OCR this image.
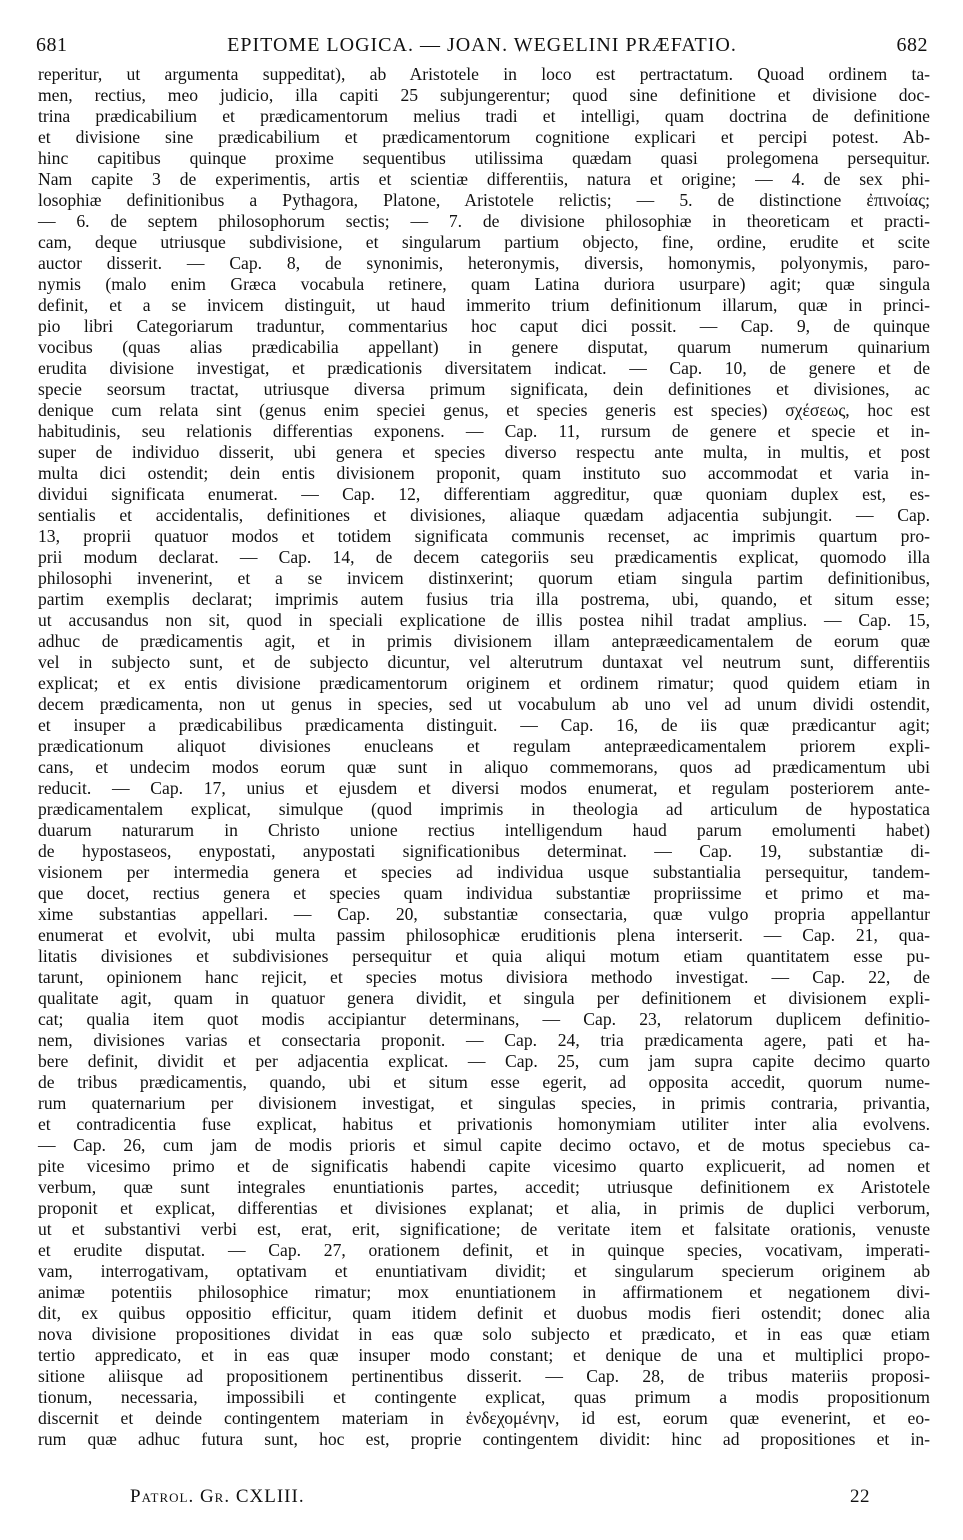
681	EPITOME LOGICA. — JOAN. WEGELINI PRÆFATIO.	682
reperitur, ut argumenta suppeditat), ab Aristotele in loco est pertractatum. Quoad ordinem ta-
men, rectius, meo judicio, illa capiti 25 subjungerentur; quod sine definitione et divisione doc-
trina prædicabilium et prædicamentorum melius tradi et intelligi, quam doctrina de definitione
et divisione sine prædicabilium et prædicamentorum cognitione explicari et percipi potest. Ab-
hinc capitibus quinque proxime sequentibus utilissima quædam quasi prolegomena persequitur.
Nam capite 3 de experimentis, artis et scientiæ differentiis, natura et origine; — 4. de sex phi-
losophiæ definitionibus a Pythagora, Platone, Aristotele relictis; — 5. de distinctione ἐπινοίας;
— 6. de septem philosophorum sectis; — 7. de divisione philosophiæ in theoreticam et practi-
cam, deque utriusque subdivisione, et singularum partium objecto, fine, ordine, erudite et scite
auctor disserit. — Cap. 8, de synonimis, heteronymis, diversis, homonymis, polyonymis, paro-
nymis (malo enim Græca vocabula retinere, quam Latina duriora usurpare) agit; quæ singula
definit, et a se invicem distinguit, ut haud immerito trium definitionum illarum, quæ in princi-
pio libri Categoriarum traduntur, commentarius hoc caput dici possit. — Cap. 9, de quinque
vocibus (quas alias prædicabilia appellant) in genere disputat, quarum numerum quinarium
erudita divisione investigat, et prædicationis diversitatem indicat. — Cap. 10, de genere et de
specie seorsum tractat, utriusque diversa primum significata, dein definitiones et divisiones, ac
denique cum relata sint (genus enim speciei genus, et species generis est species) σχέσεως, hoc est
habitudinis, seu relationis differentias exponens. — Cap. 11, rursum de genere et specie et in-
super de individuo disserit, ubi genera et species diverso respectu ante multa, in multis, et post
multa dici ostendit; dein entis divisionem proponit, quam instituto suo accommodat et varia in-
dividui significata enumerat. — Cap. 12, differentiam aggreditur, quæ quoniam duplex est, es-
sentialis et accidentalis, definitiones et divisiones, aliaque quædam adjacentia subjungit. — Cap.
13, proprii quatuor modos et totidem significata communis recenset, ac imprimis quartum pro-
prii modum declarat. — Cap. 14, de decem categoriis seu prædicamentis explicat, quomodo illa
philosophi invenerint, et a se invicem distinxerint; quorum etiam singula partim definitionibus,
partim exemplis declarat; imprimis autem fusius tria illa postrema, ubi, quando, et situm esse;
ut accusandus non sit, quod in speciali explicatione de illis postea nihil tradat amplius. — Cap. 15,
adhuc de prædicamentis agit, et in primis divisionem illam antepræedicamentalem de eorum quæ
vel in subjecto sunt, et de subjecto dicuntur, vel alterutrum duntaxat vel neutrum sunt, differentiis
explicat; et ex entis divisione prædicamentorum originem et ordinem rimatur; quod quidem etiam in
decem prædicamenta, non ut genus in species, sed ut vocabulum ab uno vel ad unum dividi ostendit,
et insuper a prædicabilibus prædicamenta distinguit. — Cap. 16, de iis quæ prædicantur agit;
prædicationum aliquot divisiones enucleans et regulam antepræedicamentalem priorem expli-
cans, et undecim modos eorum quæ sunt in aliquo commemorans, quos ad prædicamentum ubi
reducit. — Cap. 17, unius et ejusdem et diversi modos enumerat, et regulam posteriorem ante-
prædicamentalem explicat, simulque (quod imprimis in theologia ad articulum de hypostatica
duarum naturarum in Christo unione rectius intelligendum haud parum emolumenti habet)
de hypostaseos, enypostati, anypostati significationibus determinat. — Cap. 19, substantiæ di-
visionem per intermedia genera et species ad individua usque substantialia persequitur, tandem-
que docet, rectius genera et species quam individua substantiæ propriissime et primo et ma-
xime substantias appellari. — Cap. 20, substantiæ consectaria, quæ vulgo propria appellantur
enumerat et evolvit, ubi multa passim philosophicæ eruditionis plena interserit. — Cap. 21, qua-
litatis divisiones et subdivisiones persequitur et quia aliqui motum etiam quantitatem esse pu-
tarunt, opinionem hanc rejicit, et species motus divisiora methodo investigat. — Cap. 22, de
qualitate agit, quam in quatuor genera dividit, et singula per definitionem et divisionem expli-
cat; qualia item quot modis accipiantur determinans, — Cap. 23, relatorum duplicem definitio-
nem, divisiones varias et consectaria proponit. — Cap. 24, tria prædicamenta agere, pati et ha-
bere definit, dividit et per adjacentia explicat. — Cap. 25, cum jam supra capite decimo quarto
de tribus prædicamentis, quando, ubi et situm esse egerit, ad opposita accedit, quorum nume-
rum quaternarium per divisionem investigat, et singulas species, in primis contraria, privantia,
et contradicentia fuse explicat, habitus et privationis homonymiam utiliter inter alia evolvens.
— Cap. 26, cum jam de modis prioris et simul capite decimo octavo, et de motus speciebus ca-
pite vicesimo primo et de significatis habendi capite vicesimo quarto explicuerit, ad nomen et
verbum, quæ sunt integrales enuntiationis partes, accedit; utriusque definitionem ex Aristotele
proponit et explicat, differentias et divisiones explanat; et alia, in primis de duplici verborum,
ut et substantivi verbi est, erat, erit, significatione; de veritate item et falsitate orationis, venuste
et erudite disputat. — Cap. 27, orationem definit, et in quinque species, vocativam, imperati-
vam, interrogativam, optativam et enuntiativam dividit; et singularum specierum originem ab
animæ potentiis philosophice rimatur; mox enuntiationem in affirmationem et negationem divi-
dit, ex quibus oppositio efficitur, quam itidem definit et duobus modis fieri ostendit; donec alia
nova divisione propositiones dividat in eas quæ solo subjecto et prædicato, et in eas quæ etiam
tertio appredicato, et in eas quæ insuper modo constant; et denique de una et multiplici propo-
sitione aliisque ad propositionem pertinentibus disserit. — Cap. 28, de tribus materiis proposi-
tionum, necessaria, impossibili et contingente explicat, quas primum a modis propositionum
discernit et deinde contingentem materiam in ἐνδεχομένην, id est, eorum quæ evenerint, et eo-
rum quæ adhuc futura sunt, hoc est, proprie contingentem dividit: hinc ad propositiones et in-
Patrol. Gr. CXLIII.	22
